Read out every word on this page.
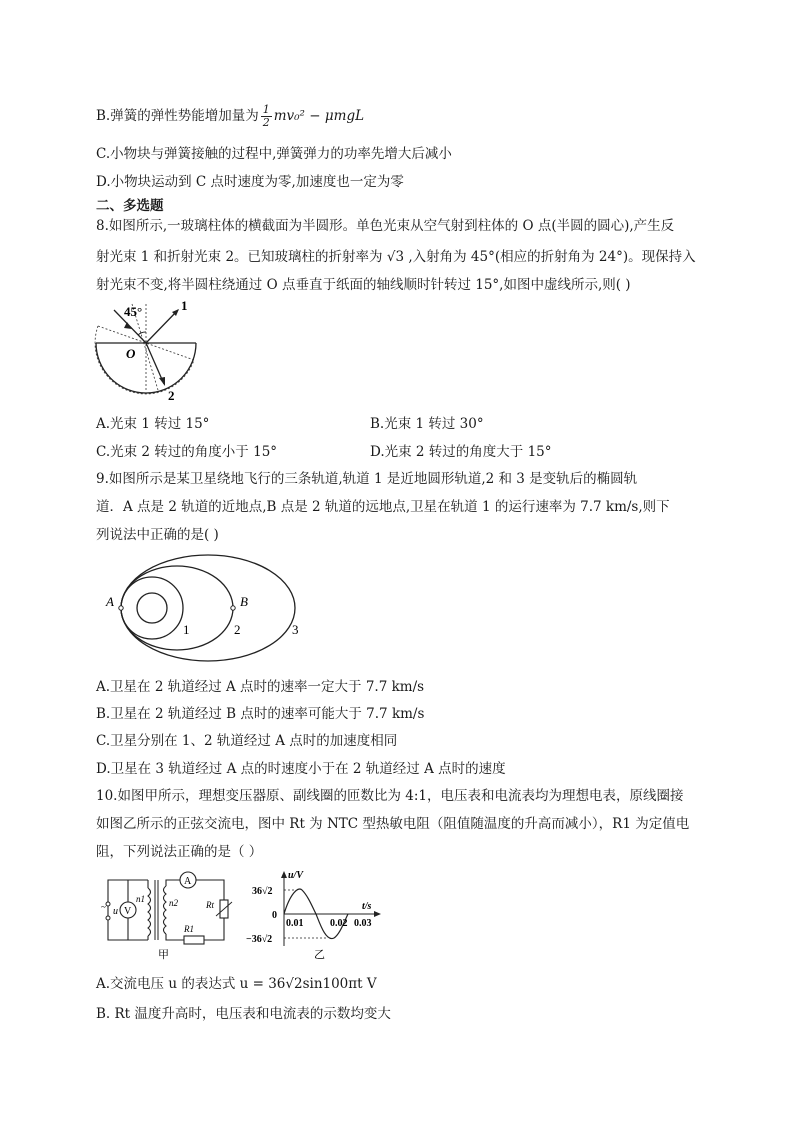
B.弹簧的弹性势能增加量为 $\frac{1}{2} mv_0^2 - \mu mgL$
C.小物块与弹簧接触的过程中,弹簧弹力的功率先增大后减小
D.小物块运动到 C 点时速度为零,加速度也一定为零
二、多选题
8.如图所示,一玻璃柱体的横截面为半圆形。单色光束从空气射到柱体的 O 点(半圆的圆心),产生反
射光束 1 和折射光束 2。已知玻璃柱的折射率为 √3 ,入射角为 45°(相应的折射角为 24°)。现保持入
射光束不变,将半圆柱绕通过 O 点垂直于纸面的轴线顺时针转过 15°,如图中虚线所示,则( )
45°
O
1
2
A.光束 1 转过 15°	B.光束 1 转过 30°
C.光束 2 转过的角度小于 15°	D.光束 2 转过的角度大于 15°
9.如图所示是某卫星绕地飞行的三条轨道,轨道 1 是近地圆形轨道,2 和 3 是变轨后的椭圆轨
道．A 点是 2 轨道的近地点,B 点是 2 轨道的远地点,卫星在轨道 1 的运行速率为 7.7 km/s,则下
列说法中正确的是( )
A	B
1	2	3
A.卫星在 2 轨道经过 A 点时的速率一定大于 7.7 km/s
B.卫星在 2 轨道经过 B 点时的速率可能大于 7.7 km/s
C.卫星分别在 1、2 轨道经过 A 点时的加速度相同
D.卫星在 3 轨道经过 A 点的时速度小于在 2 轨道经过 A 点时的速度
10.如图甲所示，理想变压器原、副线圈的匝数比为 4:1，电压表和电流表均为理想电表，原线圈接
如图乙所示的正弦交流电，图中 Rt 为 NTC 型热敏电阻（阻值随温度的升高而减小），R1 为定值电
阻，下列说法正确的是（ ）
V
~ u
n1	n2
A
Rt
R1
甲
u/V
t/s
36√2
−36√2
0
0.01	0.02 0.03
乙
A.交流电压 u 的表达式 u = 36√2sin100πt V
B. Rt 温度升高时，电压表和电流表的示数均变大
